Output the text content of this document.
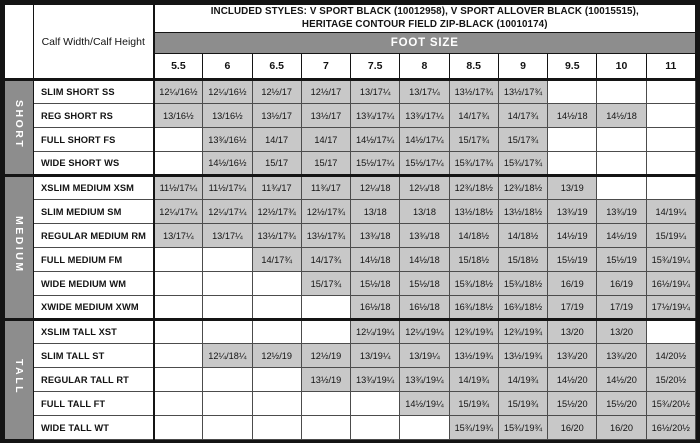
	Calf Width/Calf Height	INCLUDED STYLES: V SPORT BLACK (10012958), V SPORT ALLOVER BLACK (10015515),
HERITAGE CONTOUR FIELD ZIP-BLACK (10010174)										

		FOOT SIZE										
		5.5	6	6.5	7	7.5	8	8.5	9	9.5	10	11
SHORT	SLIM SHORT SS	12¼/16½	12¼/16½	12½/17	12½/17	13/17¼	13/17¼	13½/17¾	13½/17¾			
	REG SHORT RS	13/16½	13/16½	13½/17	13½/17	13¾/17¼	13¾/17¼	14/17¾	14/17¾	14½/18	14½/18	
	FULL SHORT FS		13¾/16½	14/17	14/17	14½/17¼	14½/17¼	15/17¾	15/17¾			
	WIDE SHORT WS		14½/16½	15/17	15/17	15½/17¼	15½/17¼	15¾/17¾	15¾/17¾			
MEDIUM	XSLIM MEDIUM XSM	11½/17¼	11½/17¼	11¾/17	11¾/17	12¼/18	12¼/18	12¾/18½	12¾/18½	13/19		
	SLIM MEDIUM SM	12¼/17¼	12¼/17¼	12½/17¾	12½/17¾	13/18	13/18	13½/18½	13½/18½	13¾/19	13¾/19	14/19¼
	REGULAR MEDIUM RM	13/17¼	13/17¼	13½/17¾	13½/17¾	13¾/18	13¾/18	14/18½	14/18½	14½/19	14½/19	15/19¼
	FULL MEDIUM FM			14/17¾	14/17¾	14½/18	14½/18	15/18½	15/18½	15½/19	15½/19	15¾/19¼
	WIDE MEDIUM WM				15/17¾	15½/18	15½/18	15¾/18½	15¾/18½	16/19	16/19	16½/19¼
	XWIDE MEDIUM XWM					16½/18	16½/18	16¾/18½	16¾/18½	17/19	17/19	17½/19¼
TALL	XSLIM TALL XST					12¼/19¼	12¼/19¼	12¾/19¾	12¾/19¾	13/20	13/20	
	SLIM TALL ST		12¼/18¼	12½/19	12½/19	13/19¼	13/19¼	13½/19¾	13½/19¾	13¾/20	13¾/20	14/20½
	REGULAR TALL RT				13½/19	13¾/19¼	13¾/19¼	14/19¾	14/19¾	14½/20	14½/20	15/20½
	FULL TALL FT						14½/19¼	15/19¾	15/19¾	15½/20	15½/20	15¾/20½
	WIDE TALL WT							15¾/19¾	15¾/19¾	16/20	16/20	16½/20½
